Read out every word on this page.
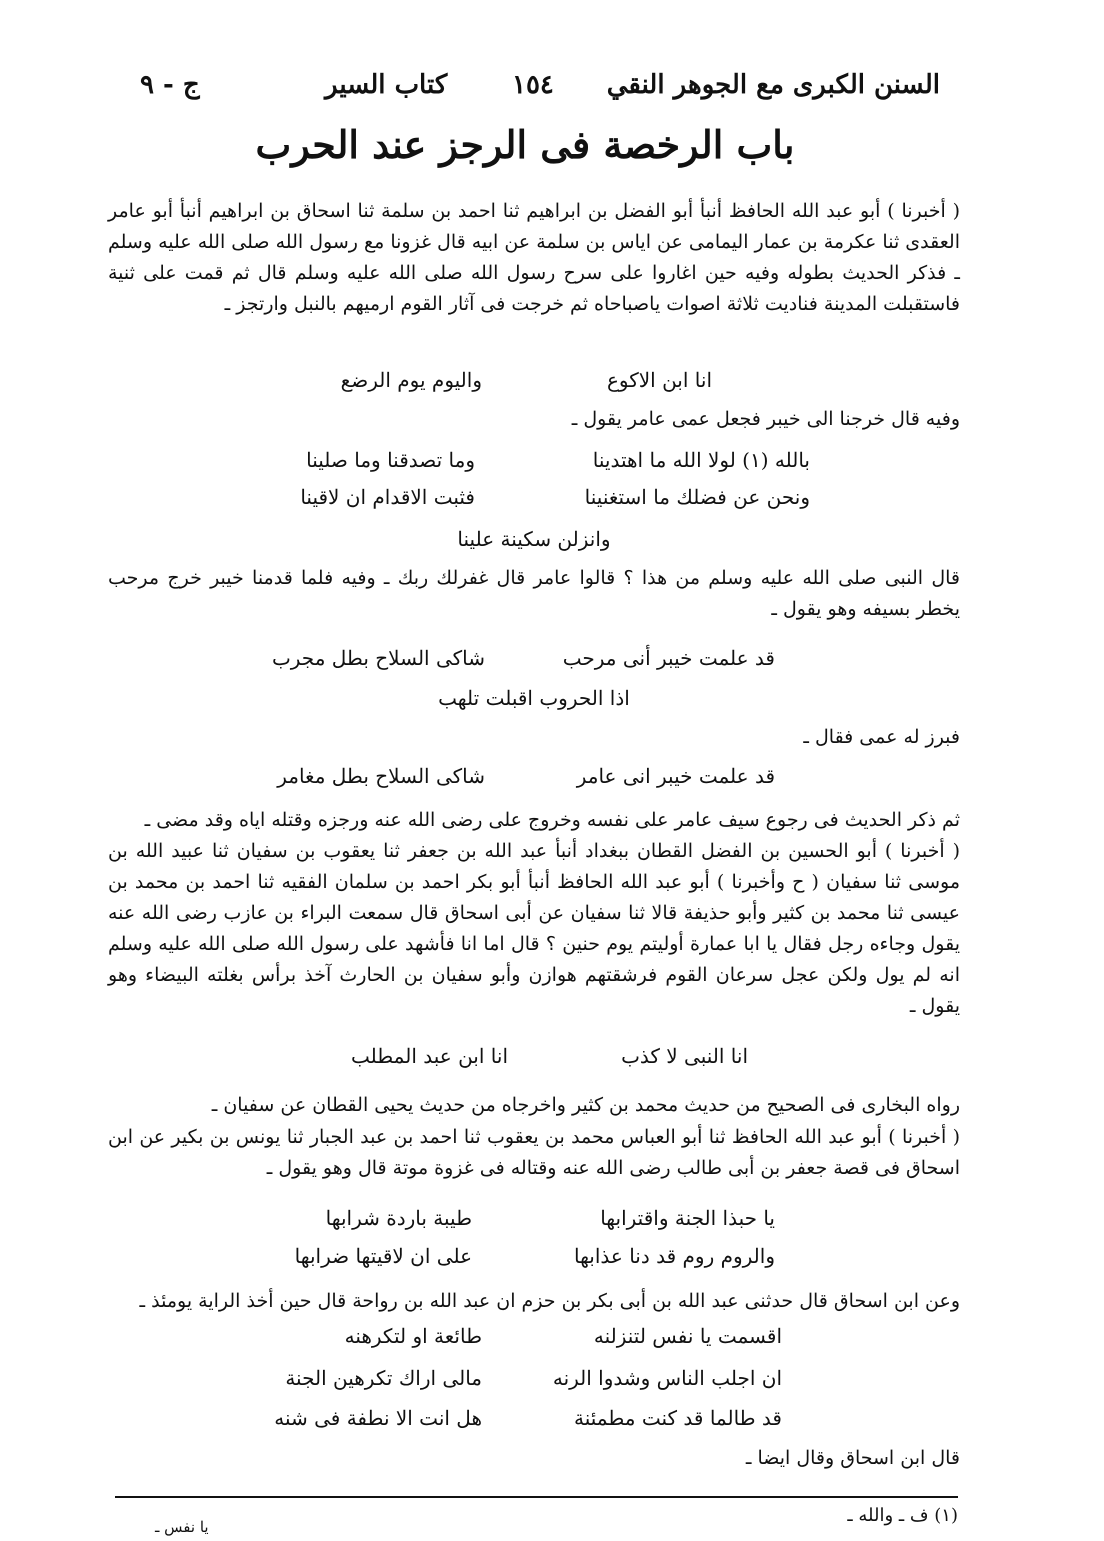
السنن الكبرى مع الجوهر النقي
١٥٤
كتاب السير
ج - ٩
باب الرخصة فى الرجز عند الحرب
( أخبرنا ) أبو عبد الله الحافظ أنبأ أبو الفضل بن ابراهيم ثنا احمد بن سلمة ثنا اسحاق بن ابراهيم أنبأ أبو عامر العقدى ثنا عكرمة بن عمار اليمامى عن اياس بن سلمة عن ابيه قال غزونا مع رسول الله صلى الله عليه وسلم ـ فذكر الحديث بطوله وفيه حين اغاروا على سرح رسول الله صلى الله عليه وسلم قال ثم قمت على ثنية فاستقبلت المدينة فناديت ثلاثة اصوات ياصباحاه ثم خرجت فى آثار القوم ارميهم بالنبل وارتجز ـ
انا ابن الاكوع
واليوم يوم الرضع
وفيه قال خرجنا الى خيبر فجعل عمى عامر يقول ـ
بالله (١) لولا الله ما اهتدينا
وما تصدقنا وما صلينا
ونحن عن فضلك ما استغنينا
فثبت الاقدام ان لاقينا
وانزلن سكينة علينا
قال النبى صلى الله عليه وسلم من هذا ؟ قالوا عامر قال غفرلك ربك ـ وفيه فلما قدمنا خيبر خرج مرحب يخطر بسيفه وهو يقول ـ
قد علمت خيبر أنى مرحب
شاكى السلاح بطل مجرب
اذا الحروب اقبلت تلهب
فبرز له عمى فقال ـ
قد علمت خيبر انى عامر
شاكى السلاح بطل مغامر
ثم ذكر الحديث فى رجوع سيف عامر على نفسه وخروج على رضى الله عنه ورجزه وقتله اياه وقد مضى ـ
( أخبرنا ) أبو الحسين بن الفضل القطان ببغداد أنبأ عبد الله بن جعفر ثنا يعقوب بن سفيان ثنا عبيد الله بن موسى ثنا سفيان ( ح وأخبرنا ) أبو عبد الله الحافظ أنبأ أبو بكر احمد بن سلمان الفقيه ثنا احمد بن محمد بن عيسى ثنا محمد بن كثير وأبو حذيفة قالا ثنا سفيان عن أبى اسحاق قال سمعت البراء بن عازب رضى الله عنه يقول وجاءه رجل فقال يا ابا عمارة أوليتم يوم حنين ؟ قال اما انا فأشهد على رسول الله صلى الله عليه وسلم انه لم يول ولكن عجل سرعان القوم فرشقتهم هوازن وأبو سفيان بن الحارث آخذ برأس بغلته البيضاء وهو يقول ـ
انا النبى لا كذب
انا ابن عبد المطلب
رواه البخارى فى الصحيح من حديث محمد بن كثير واخرجاه من حديث يحيى القطان عن سفيان ـ
( أخبرنا ) أبو عبد الله الحافظ ثنا أبو العباس محمد بن يعقوب ثنا احمد بن عبد الجبار ثنا يونس بن بكير عن ابن اسحاق فى قصة جعفر بن أبى طالب رضى الله عنه وقتاله فى غزوة موتة قال وهو يقول ـ
يا حبذا الجنة واقترابها
طيبة باردة شرابها
والروم روم قد دنا عذابها
على ان لاقيتها ضرابها
وعن ابن اسحاق قال حدثنى عبد الله بن أبى بكر بن حزم ان عبد الله بن رواحة قال حين أخذ الراية يومئذ ـ
اقسمت يا نفس لتنزلنه
طائعة او لتكرهنه
ان اجلب الناس وشدوا الرنه
مالى اراك تكرهين الجنة
قد طالما قد كنت مطمئنة
هل انت الا نطفة فى شنه
قال ابن اسحاق وقال ايضا ـ
(١) ف ـ والله ـ
يا نفس ـ
